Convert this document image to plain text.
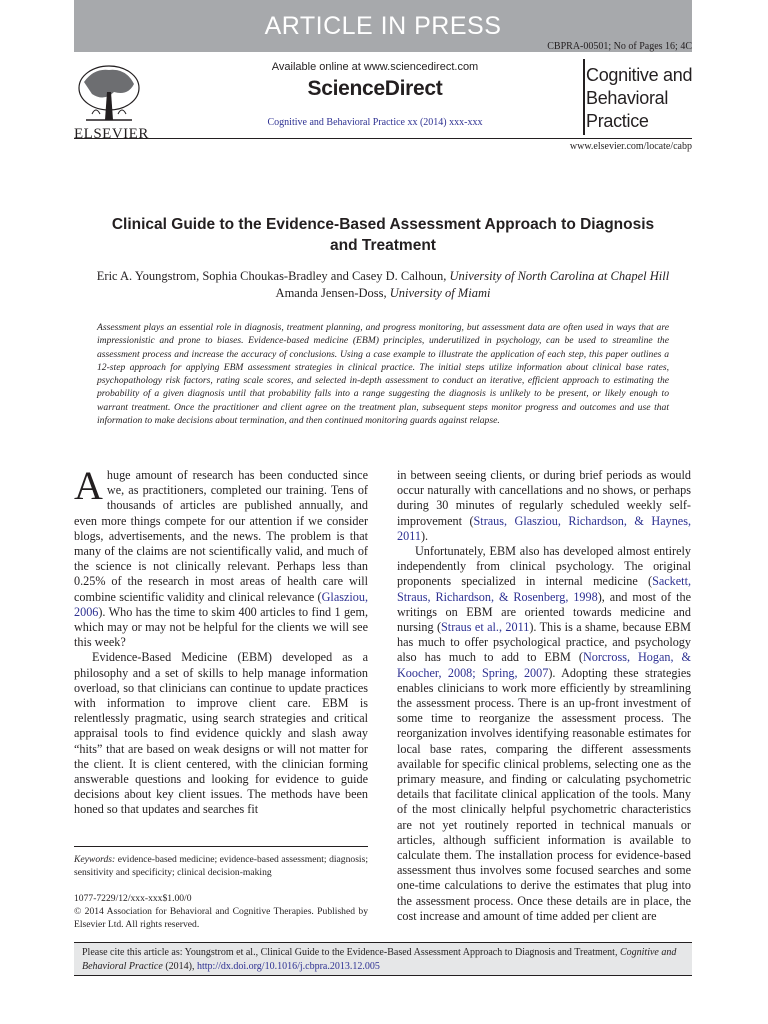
ARTICLE IN PRESS
CBPRA-00501; No of Pages 16; 4C
ELSEVIER
Available online at www.sciencedirect.com
ScienceDirect
Cognitive and Behavioral Practice xx (2014) xxx-xxx
Cognitive and
Behavioral
Practice
www.elsevier.com/locate/cabp
Clinical Guide to the Evidence-Based Assessment Approach to Diagnosis
and Treatment
Eric A. Youngstrom, Sophia Choukas-Bradley and Casey D. Calhoun, University of North Carolina at Chapel Hill
Amanda Jensen-Doss, University of Miami
Assessment plays an essential role in diagnosis, treatment planning, and progress monitoring, but assessment data are often used in ways that are impressionistic and prone to biases. Evidence-based medicine (EBM) principles, underutilized in psychology, can be used to streamline the assessment process and increase the accuracy of conclusions. Using a case example to illustrate the application of each step, this paper outlines a 12-step approach for applying EBM assessment strategies in clinical practice. The initial steps utilize information about clinical base rates, psychopathology risk factors, rating scale scores, and selected in-depth assessment to conduct an iterative, efficient approach to estimating the probability of a given diagnosis until that probability falls into a range suggesting the diagnosis is unlikely to be present, or likely enough to warrant treatment. Once the practitioner and client agree on the treatment plan, subsequent steps monitor progress and outcomes and use that information to make decisions about termination, and then continued monitoring guards against relapse.

Ahuge amount of research has been conducted since we, as practitioners, completed our training. Tens of thousands of articles are published annually, and even more things compete for our attention if we consider blogs, advertisements, and the news. The problem is that many of the claims are not scientifically valid, and much of the science is not clinically relevant. Perhaps less than 0.25% of the research in most areas of health care will combine scientific validity and clinical relevance (Glasziou, 2006). Who has the time to skim 400 articles to find 1 gem, which may or may not be helpful for the clients we will see this week?

Evidence-Based Medicine (EBM) developed as a philosophy and a set of skills to help manage information overload, so that clinicians can continue to update practices with information to improve client care. EBM is relentlessly pragmatic, using search strategies and critical appraisal tools to find evidence quickly and slash away “hits” that are based on weak designs or will not matter for the client. It is client centered, with the clinician forming answerable questions and looking for evidence to guide decisions about key client issues. The methods have been honed so that updates and searches fit

in between seeing clients, or during brief periods as would occur naturally with cancellations and no shows, or perhaps during 30 minutes of regularly scheduled weekly self-improvement (Straus, Glasziou, Richardson, & Haynes, 2011).

Unfortunately, EBM also has developed almost entirely independently from clinical psychology. The original proponents specialized in internal medicine (Sackett, Straus, Richardson, & Rosenberg, 1998), and most of the writings on EBM are oriented towards medicine and nursing (Straus et al., 2011). This is a shame, because EBM has much to offer psychological practice, and psychology also has much to add to EBM (Norcross, Hogan, & Koocher, 2008; Spring, 2007). Adopting these strategies enables clinicians to work more efficiently by streamlining the assessment process. There is an up-front investment of some time to reorganize the assessment process. The reorganization involves identifying reasonable estimates for local base rates, comparing the different assessments available for specific clinical problems, selecting one as the primary measure, and finding or calculating psychometric details that facilitate clinical application of the tools. Many of the most clinically helpful psychometric characteristics are not yet routinely reported in technical manuals or articles, although sufficient information is available to calculate them. The installation process for evidence-based assessment thus involves some focused searches and some one-time calculations to derive the estimates that plug into the assessment process. Once these details are in place, the cost increase and amount of time added per client are

Keywords: evidence-based medicine; evidence-based assessment; diagnosis; sensitivity and specificity; clinical decision-making
1077-7229/12/xxx-xxx$1.00/0
© 2014 Association for Behavioral and Cognitive Therapies. Published by Elsevier Ltd. All rights reserved.
Please cite this article as: Youngstrom et al., Clinical Guide to the Evidence-Based Assessment Approach to Diagnosis and Treatment, Cognitive and Behavioral Practice (2014), http://dx.doi.org/10.1016/j.cbpra.2013.12.005
